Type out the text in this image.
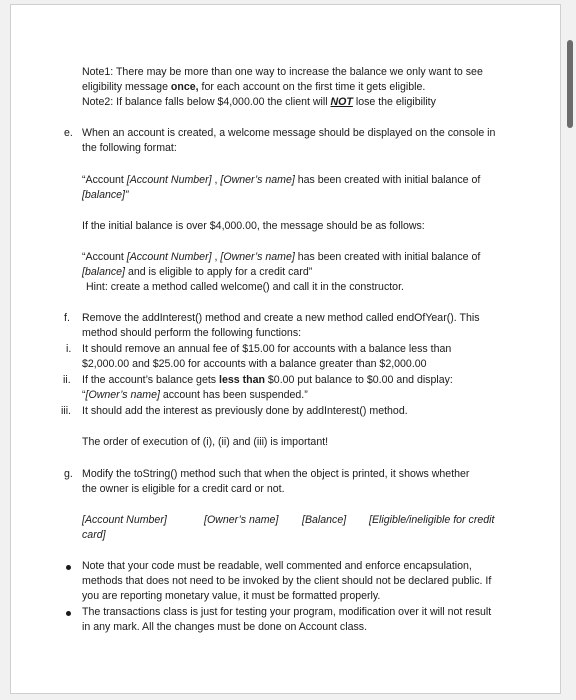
Note1: There may be more than one way to increase the balance we only want to see
eligibility message once, for each account on the first time it gets eligible.
Note2: If balance falls below $4,000.00 the client will NOT lose the eligibility
e. When an account is created, a welcome message should be displayed on the console in
the following format:
“Account [Account Number] , [Owner’s name] has been created with initial balance of
[balance]”
If the initial balance is over $4,000.00, the message should be as follows:
“Account [Account Number] , [Owner’s name] has been created with initial balance of
[balance] and is eligible to apply for a credit card”
Hint: create a method called welcome() and call it in the constructor.
f. Remove the addInterest() method and create a new method called endOfYear(). This
method should perform the following functions:
i. It should remove an annual fee of $15.00 for accounts with a balance less than
$2,000.00 and $25.00 for accounts with a balance greater than $2,000.00
ii. If the account’s balance gets less than $0.00 put balance to $0.00 and display:
“[Owner’s name] account has been suspended.”
iii. It should add the interest as previously done by addInterest() method.
The order of execution of (i), (ii) and (iii) is important!
g. Modify the toString() method such that when the object is printed, it shows whether
the owner is eligible for a credit card or not.
[Account Number]	[Owner’s name] [Balance] [Eligible/ineligible for credit
card]
Note that your code must be readable, well commented and enforce encapsulation,
methods that does not need to be invoked by the client should not be declared public. If
you are reporting monetary value, it must be formatted properly.
The transactions class is just for testing your program, modification over it will not result
in any mark. All the changes must be done on Account class.
